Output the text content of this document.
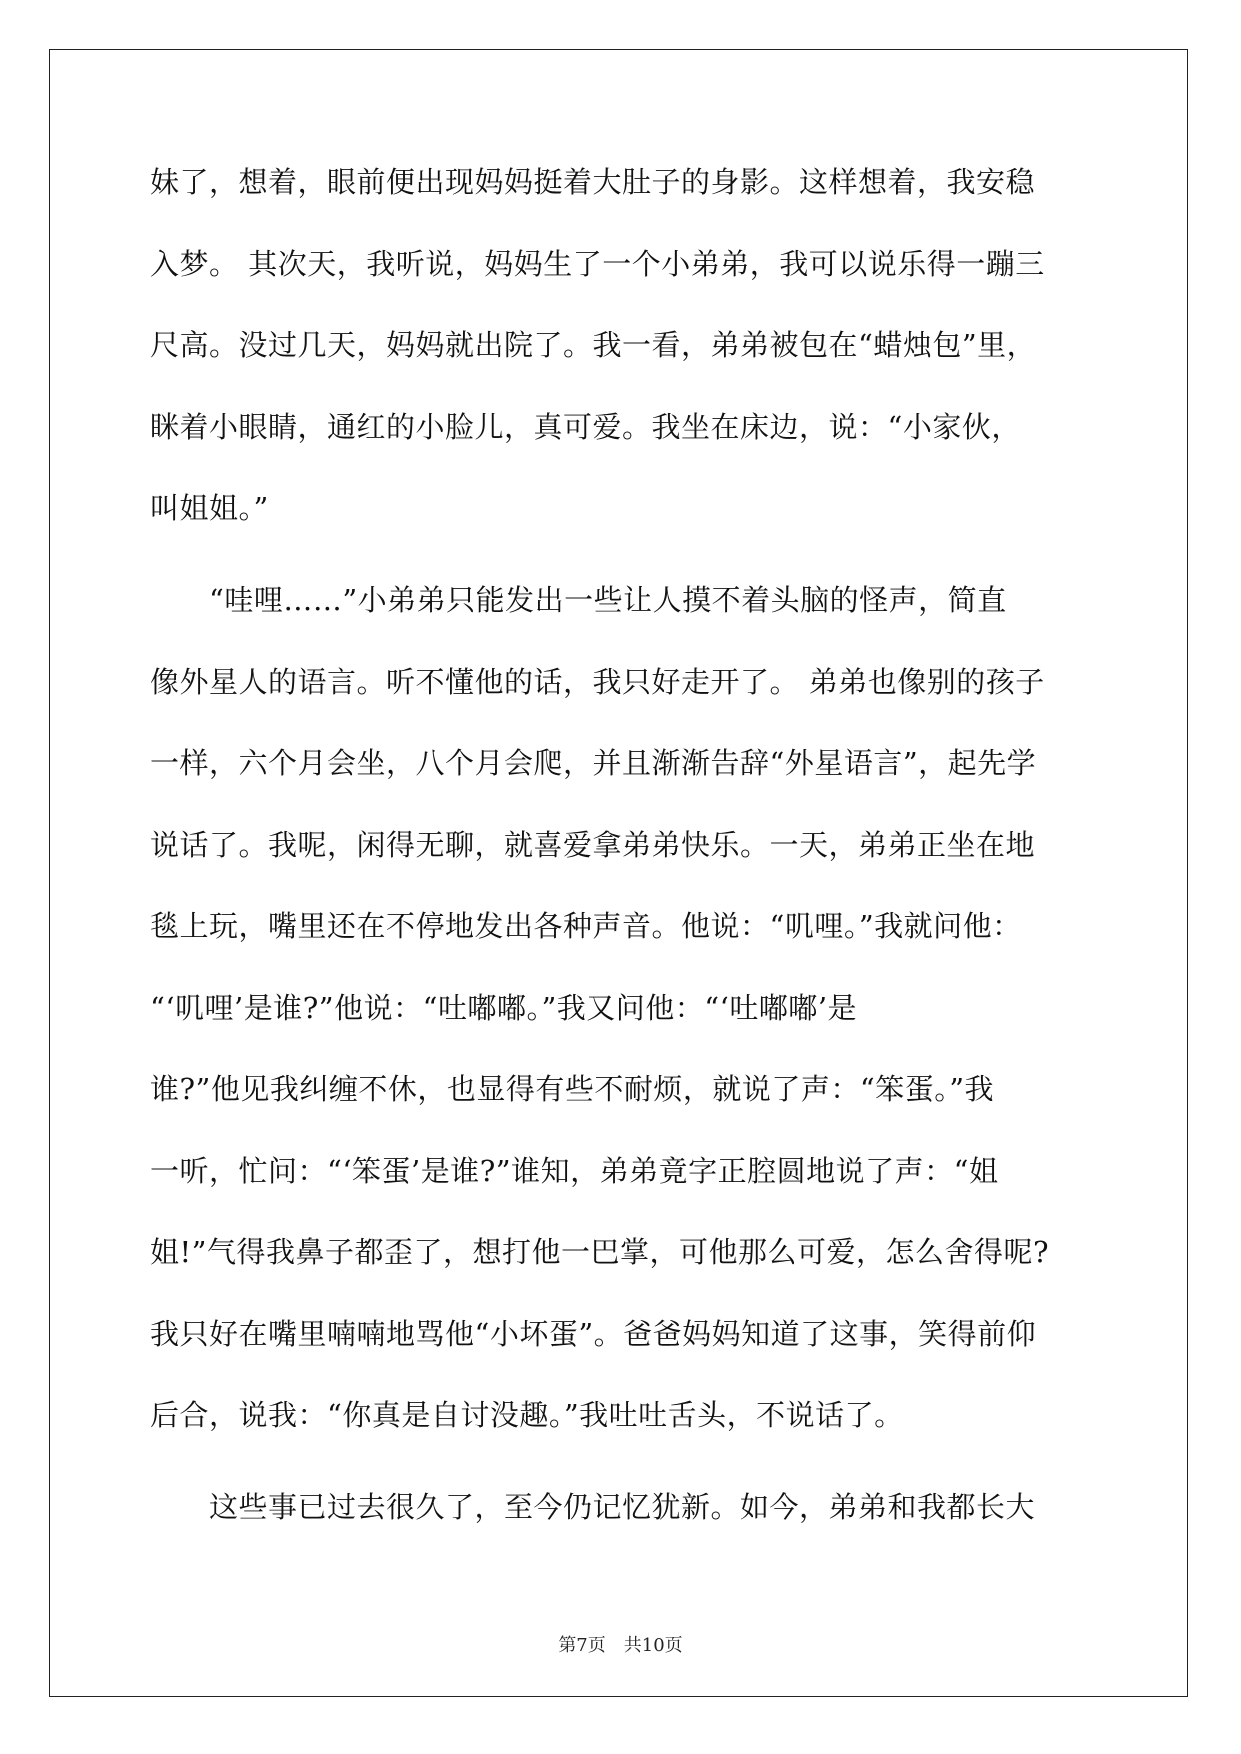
妹了，想着，眼前便出现妈妈挺着大肚子的身影。这样想着，我安稳
入梦。 其次天，我听说，妈妈生了一个小弟弟，我可以说乐得一蹦三
尺高。没过几天，妈妈就出院了。我一看，弟弟被包在“蜡烛包”里，
眯着小眼睛，通红的小脸儿，真可爱。我坐在床边，说：“小家伙，
叫姐姐。”
　　“哇哩……”小弟弟只能发出一些让人摸不着头脑的怪声，简直
像外星人的语言。听不懂他的话，我只好走开了。 弟弟也像别的孩子
一样，六个月会坐，八个月会爬，并且渐渐告辞“外星语言”，起先学
说话了。我呢，闲得无聊，就喜爱拿弟弟快乐。一天，弟弟正坐在地
毯上玩，嘴里还在不停地发出各种声音。他说：“叽哩。”我就问他：
“‘叽哩’是谁?”他说：“吐嘟嘟。”我又问他：“‘吐嘟嘟’是
谁?”他见我纠缠不休，也显得有些不耐烦，就说了声：“笨蛋。”我
一听，忙问：“‘笨蛋’是谁?”谁知，弟弟竟字正腔圆地说了声：“姐
姐!”气得我鼻子都歪了，想打他一巴掌，可他那么可爱，怎么舍得呢?
我只好在嘴里喃喃地骂他“小坏蛋”。爸爸妈妈知道了这事，笑得前仰
后合，说我：“你真是自讨没趣。”我吐吐舌头，不说话了。
　　这些事已过去很久了，至今仍记忆犹新。如今，弟弟和我都长大
第7页 共10页
